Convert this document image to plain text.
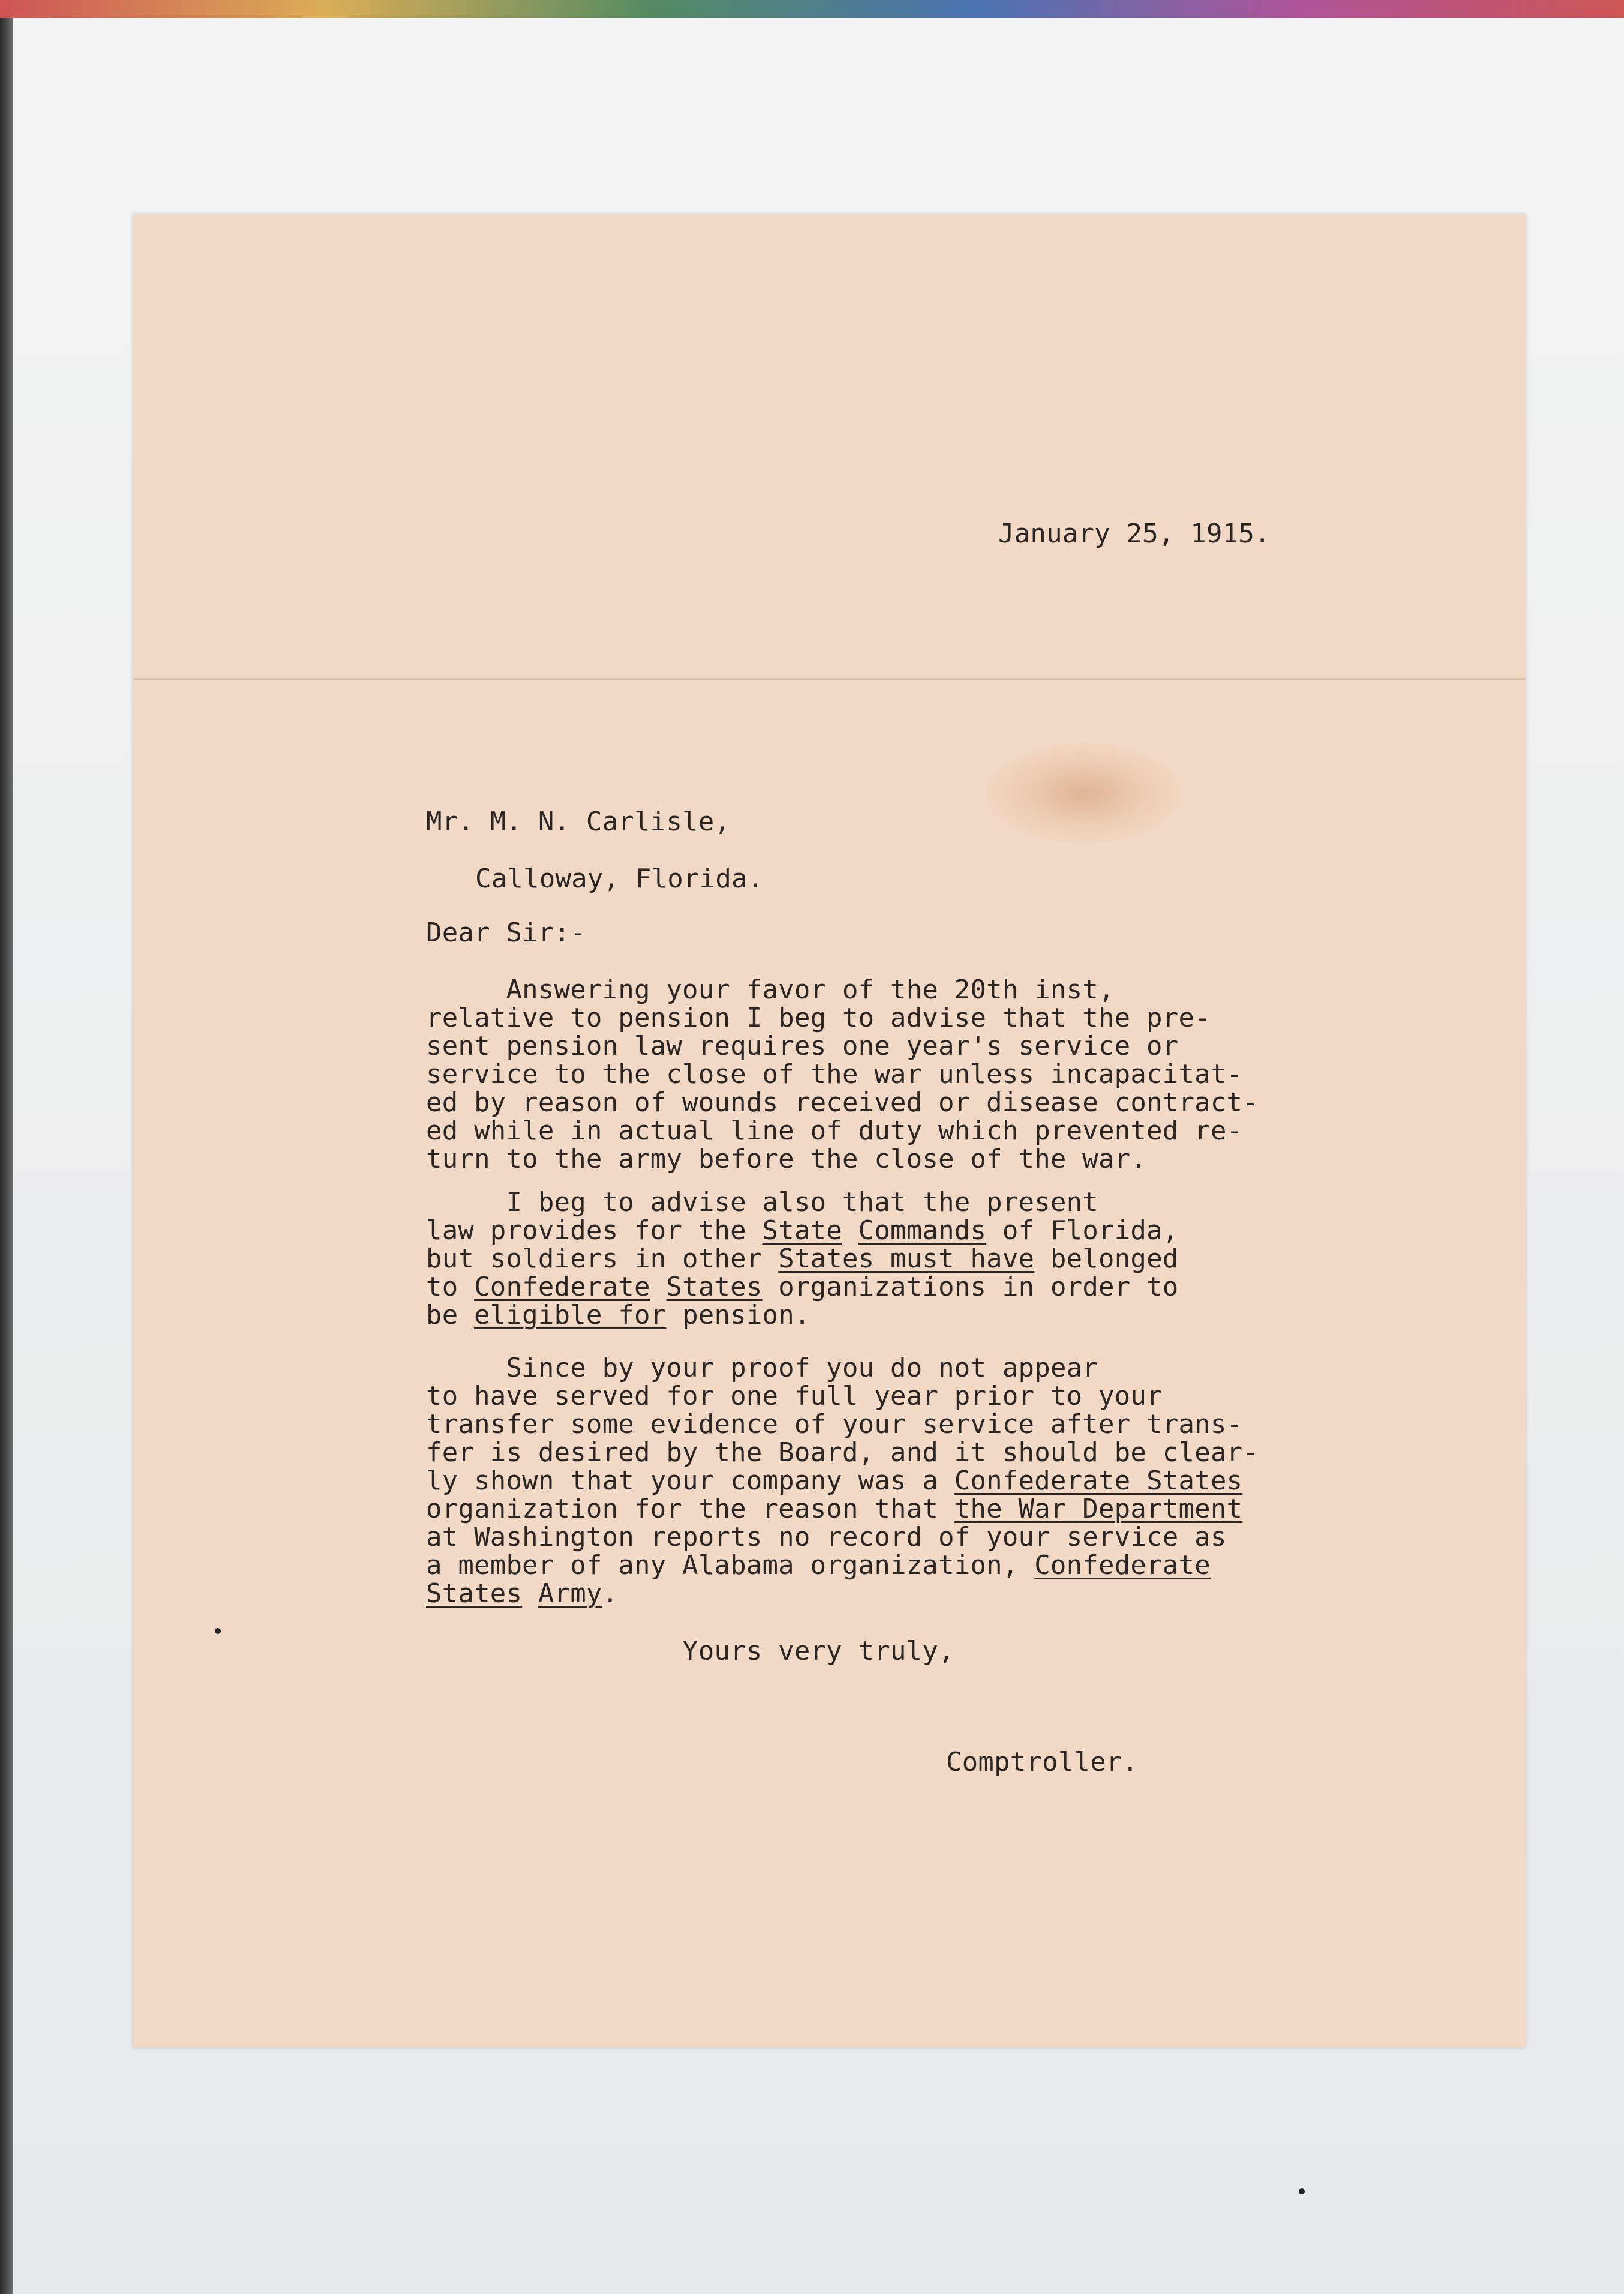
January 25, 1915.

Mr. M. N. Carlisle,

Calloway, Florida.

Dear Sir:-

Answering your favor of the 20th inst,

relative to pension I beg to advise that the pre-

sent pension law requires one year's service or

service to the close of the war unless incapacitat-

ed by reason of wounds received or disease contract-

ed while in actual line of duty which prevented re-

turn to the army before the close of the war.

I beg to advise also that the present

law provides for the State Commands of Florida,

but soldiers in other States must have belonged

to Confederate States organizations in order to

be eligible for pension.

Since by your proof you do not appear

to have served for one full year prior to your

transfer some evidence of your service after trans-

fer is desired by the Board, and it should be clear-

ly shown that your company was a Confederate States

organization for the reason that the War Department

at Washington reports no record of your service as

a member of any Alabama organization, Confederate

States Army.

Yours very truly,

Comptroller.
